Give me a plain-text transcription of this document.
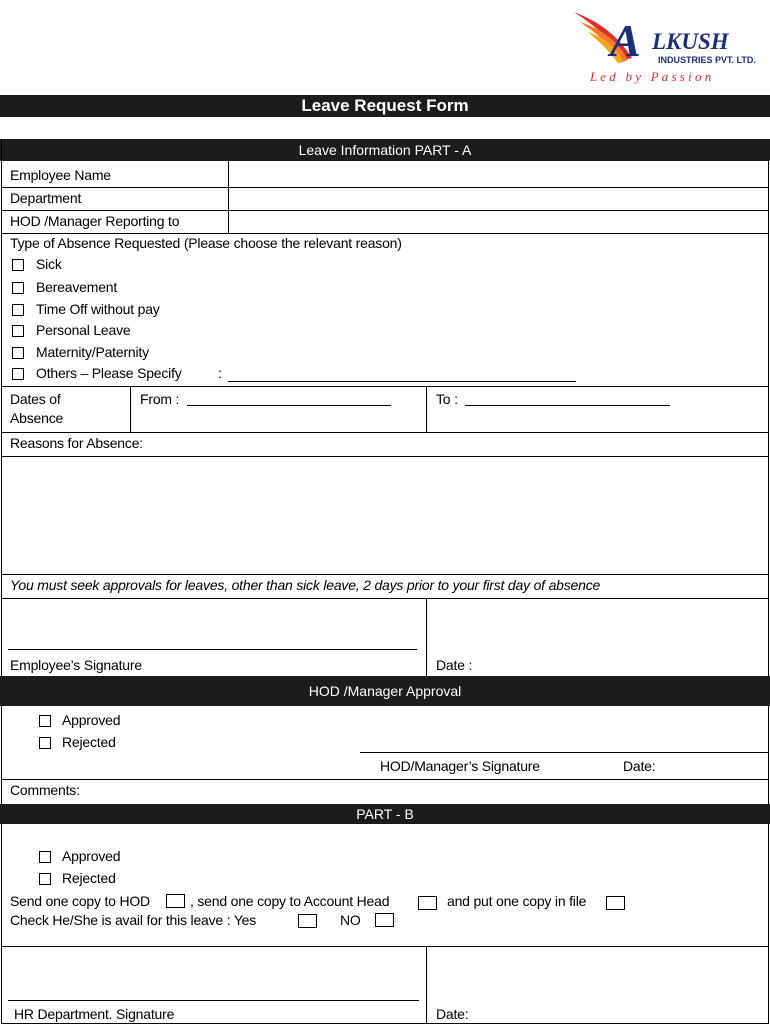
A LKUSH
INDUSTRIES PVT. LTD.
L e d   b y   P a s s i o n
Leave Request Form
Leave Information PART - A
Employee Name
Department
HOD /Manager Reporting to
Type of Absence Requested (Please choose the relevant reason)
Sick
Bereavement
Time Off without pay
Personal Leave
Maternity/Paternity
Others – Please Specify	:
Dates of
Absence
From :	To :
Reasons for Absence:
You must seek approvals for leaves, other than sick leave, 2 days prior to your first day of absence
Employee’s Signature	Date :
HOD /Manager Approval
Approved
Rejected
HOD/Manager’s Signature	Date:
Comments:
PART - B
Approved
Rejected
Send one copy to HOD	, send one copy to Account Head	and put one copy in file
Check He/She is avail for this leave : Yes	NO
HR Department. Signature	Date:
